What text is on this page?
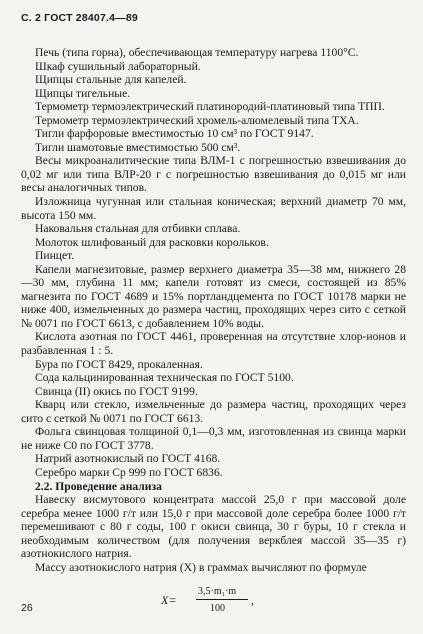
С. 2 ГОСТ 28407.4—89

Печь (типа горна), обеспечивающая температуру нагрева 1100°С.

Шкаф сушильный лабораторный.

Щипцы стальные для капелей.

Щипцы тигельные.

Термометр термоэлектрический платинородий-платиновый типа ТПП.

Термометр термоэлектрический хромель-алюмелевый типа ТХА.

Тигли фарфоровые вместимостью 10 см³ по ГОСТ 9147.

Тигли шамотовые вместимостью 500 см³.

Весы микроаналитические типа ВЛМ-1 с погрешностью взвешивания до 0,02 мг или типа ВЛР-20 г с погрешностью взвешивания до 0,015 мг или весы аналогичных типов.

Изложница чугунная или стальная коническая; верхний диаметр 70 мм, высота 150 мм.

Наковальня стальная для отбивки сплава.

Молоток шлифованый для расковки корольков.

Пинцет.

Капели магнезитовые, размер верхнего диаметра 35—38 мм, нижнего 28—30 мм, глубина 11 мм; капели готовят из смеси, состоящей из 85% магнезита по ГОСТ 4689 и 15% портландцемента по ГОСТ 10178 марки не ниже 400, измельченных до размера частиц, проходящих через сито с сеткой № 0071 по ГОСТ 6613, с добавлением 10% воды.

Кислота азотная по ГОСТ 4461, проверенная на отсутствие хлор-ионов и разбавленная 1 : 5.

Бура по ГОСТ 8429, прокаленная.

Сода кальцинированная техническая по ГОСТ 5100.

Свинца (II) окись по ГОСТ 9199.

Кварц или стекло, измельченные до размера частиц, проходящих через сито с сеткой № 0071 по ГОСТ 6613.

Фольга свинцовая толщиной 0,1—0,3 мм, изготовленная из свинца марки не ниже С0 по ГОСТ 3778.

Натрий азотнокислый по ГОСТ 4168.

Серебро марки Ср 999 по ГОСТ 6836.

2.2. Проведение анализа

Навеску висмутового концентрата массой 25,0 г при массовой доле серебра менее 1000 г/т или 15,0 г при массовой доле серебра более 1000 г/т перемешивают с 80 г соды, 100 г окиси свинца, 30 г буры, 10 г стекла и необходимым количеством (для получения веркблея массой 35—35 г) азотнокислого натрия.

Массу азотнокислого натрия (X) в граммах вычисляют по формуле

X=
3,5·m₁·m
100
,
26
